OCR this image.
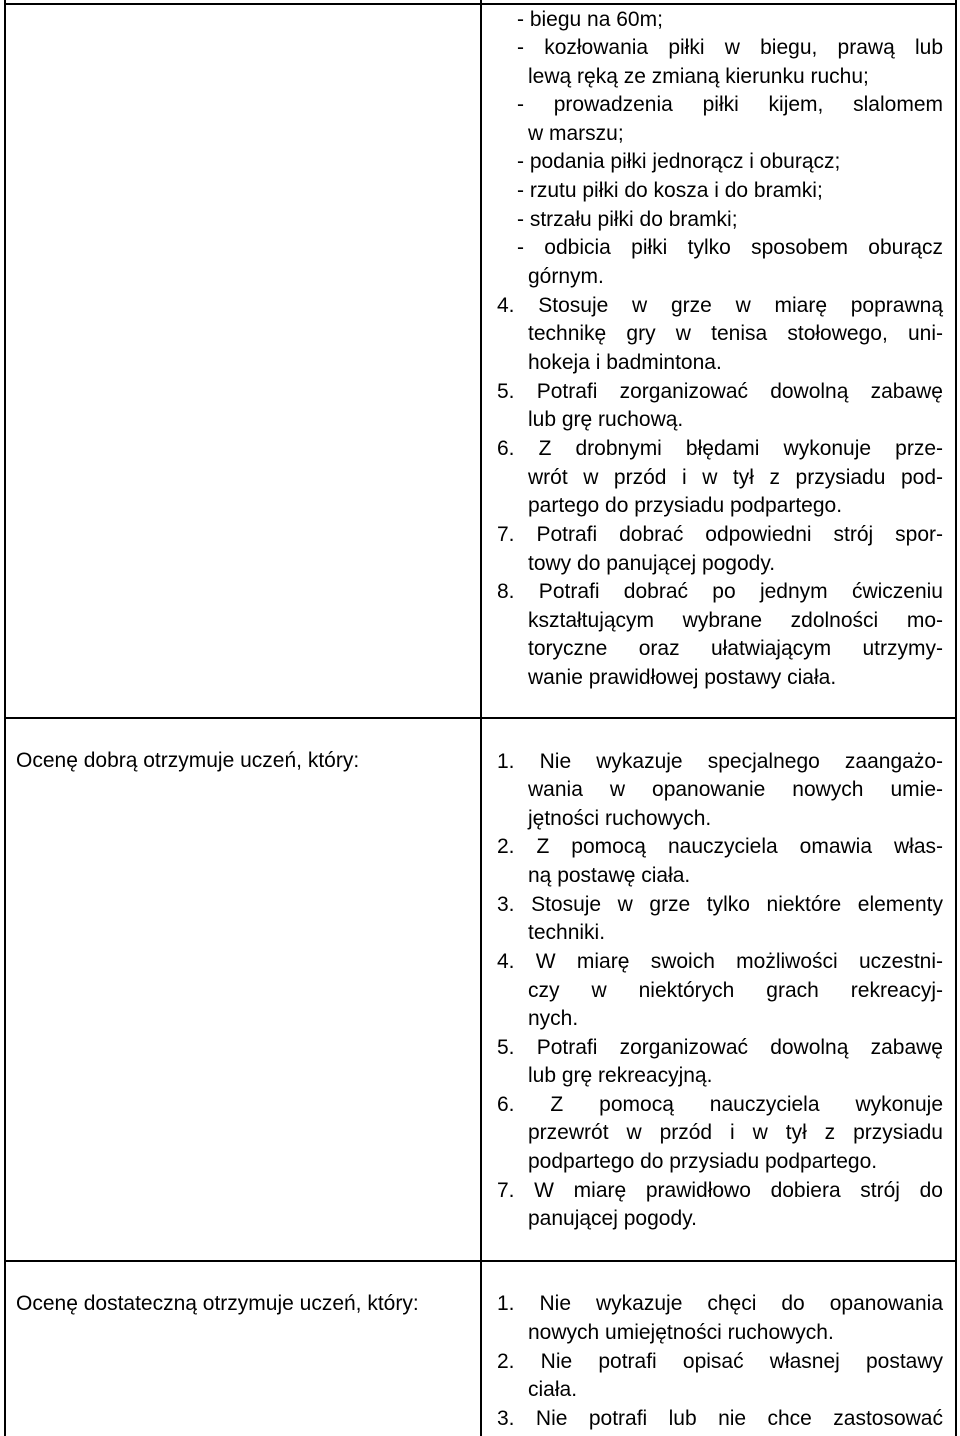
- biegu na 60m;
- kozłowania piłki w biegu, prawą lub
lewą ręką ze zmianą kierunku ruchu;
- prowadzenia piłki kijem, slalomem
w marszu;
- podania piłki jednorącz i oburącz;
- rzutu piłki do kosza i do bramki;
- strzału piłki do bramki;
- odbicia piłki tylko sposobem oburącz
górnym.
4. Stosuje w grze w miarę poprawną
technikę gry w tenisa stołowego, uni-
hokeja i badmintona.
5. Potrafi zorganizować dowolną zabawę
lub grę ruchową.
6. Z drobnymi błędami wykonuje prze-
wrót w przód i w tył z przysiadu pod-
partego do przysiadu podpartego.
7. Potrafi dobrać odpowiedni strój spor-
towy do panującej pogody.
8. Potrafi dobrać po jednym ćwiczeniu
kształtującym wybrane zdolności mo-
toryczne oraz ułatwiającym utrzymy-
wanie prawidłowej postawy ciała.
Ocenę dobrą otrzymuje uczeń, który:	1. Nie wykazuje specjalnego zaangażo-
wania w opanowanie nowych umie-
jętności ruchowych.
2. Z pomocą nauczyciela omawia włas-
ną postawę ciała.
3. Stosuje w grze tylko niektóre elementy
techniki.
4. W miarę swoich możliwości uczestni-
czy w niektórych grach rekreacyj-
nych.
5. Potrafi zorganizować dowolną zabawę
lub grę rekreacyjną.
6. Z pomocą nauczyciela wykonuje
przewrót w przód i w tył z przysiadu
podpartego do przysiadu podpartego.
7. W miarę prawidłowo dobiera strój do
panującej pogody.
Ocenę dostateczną otrzymuje uczeń, który:	1. Nie wykazuje chęci do opanowania
nowych umiejętności ruchowych.
2. Nie potrafi opisać własnej postawy
ciała.
3. Nie potrafi lub nie chce zastosować
